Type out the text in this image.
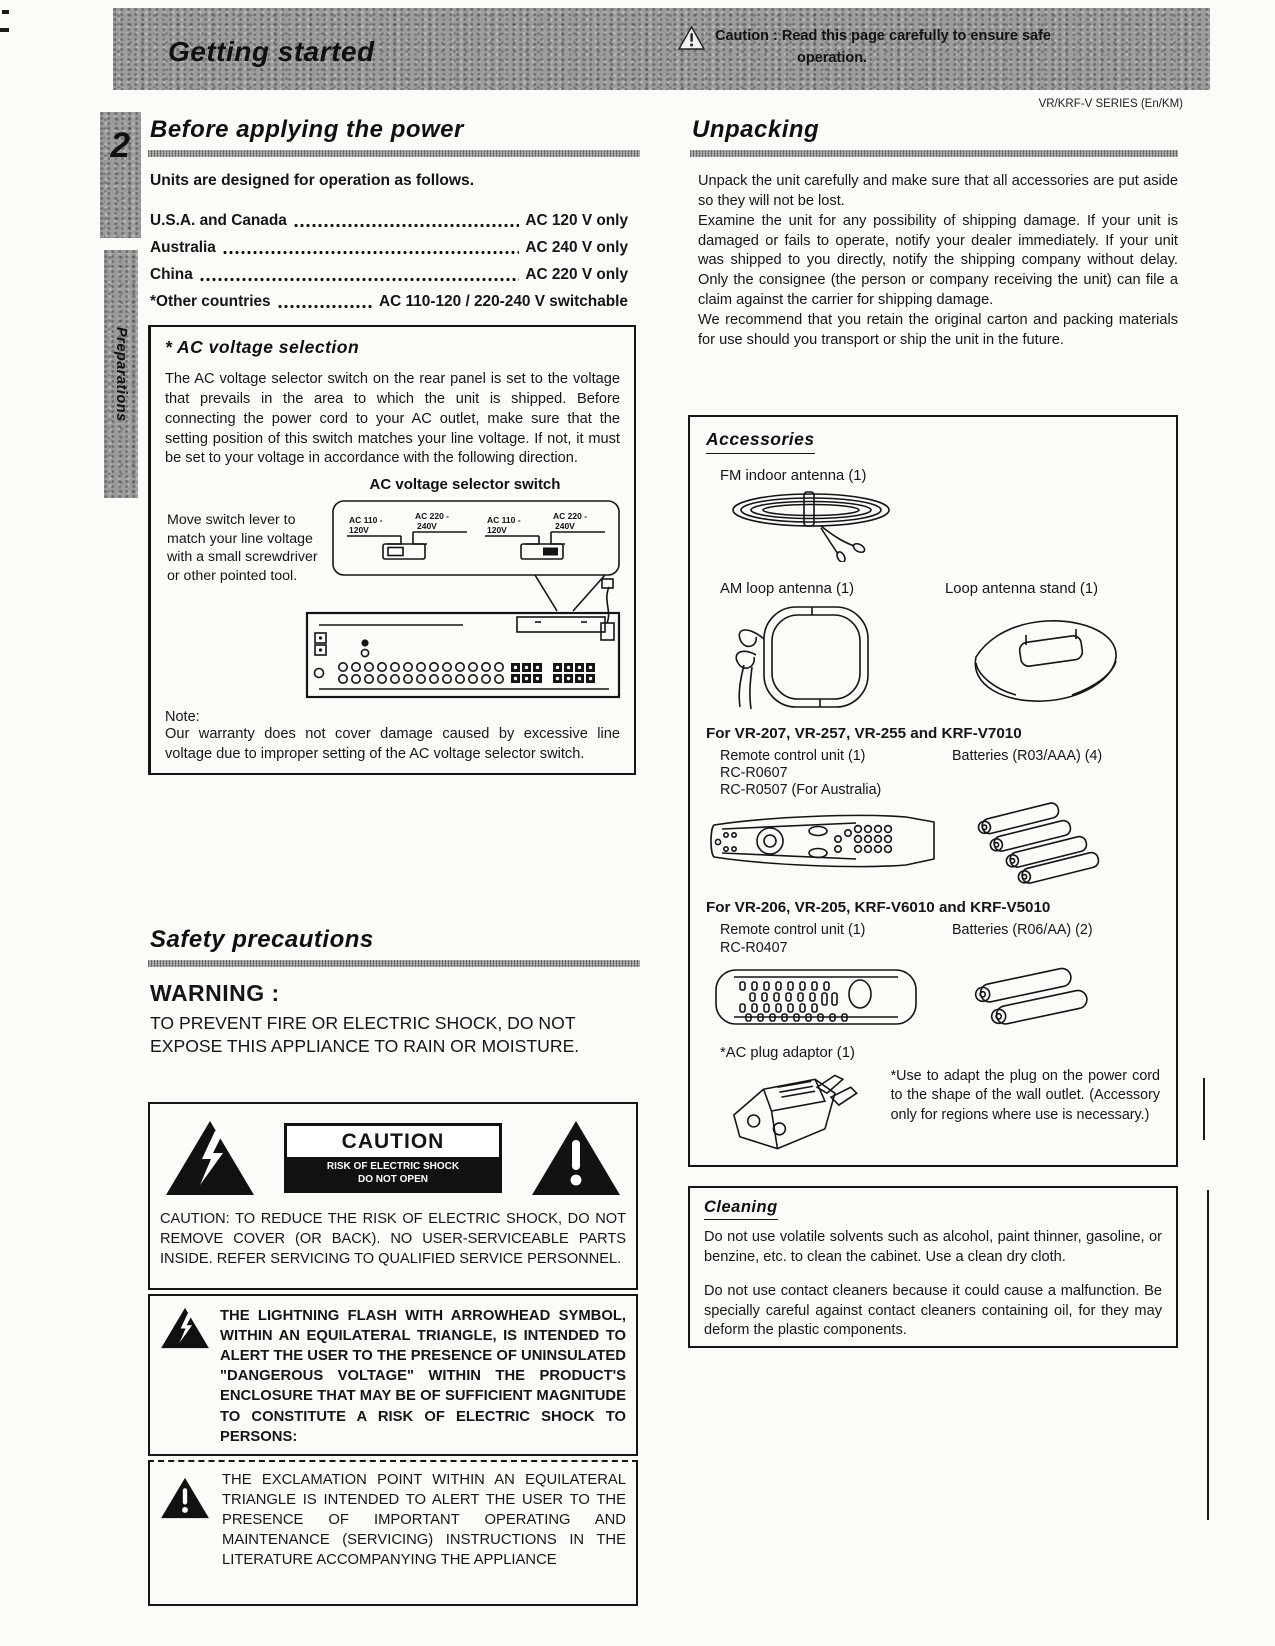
Getting started	Caution : Read this page carefully to ensure safe
operation.
VR/KRF-V SERIES (En/KM)
2
Preparations
Before applying the power
Units are designed for operation as follows.
U.S.A. and Canada	AC 120 V only
Australia	AC 240 V only
China	AC 220 V only
*Other countries	AC 110-120 / 220-240 V switchable
* AC voltage selection
The AC voltage selector switch on the rear panel is set to the voltage that prevails in the area to which the unit is shipped. Before connecting the power cord to your AC outlet, make sure that the setting position of this switch matches your line voltage. If not, it must be set to your voltage in accordance with the following direction.
Move switch lever to match your line voltage with a small screwdriver or other pointed tool.
AC voltage selector switch
AC 110 -
120V
AC 220 -
240V
AC 110 -
120V
AC 220 -
240V
Note:
Our warranty does not cover damage caused by excessive line voltage due to improper setting of the AC voltage selector switch.
Safety precautions
WARNING :
TO PREVENT FIRE OR ELECTRIC SHOCK, DO NOT EXPOSE THIS APPLIANCE TO RAIN OR MOISTURE.
CAUTION
RISK OF ELECTRIC SHOCK
DO NOT OPEN
CAUTION: TO REDUCE THE RISK OF ELECTRIC SHOCK, DO NOT REMOVE COVER (OR BACK). NO USER-SERVICEABLE PARTS INSIDE. REFER SERVICING TO QUALIFIED SERVICE PERSONNEL.
THE LIGHTNING FLASH WITH ARROWHEAD SYMBOL, WITHIN AN EQUILATERAL TRIANGLE, IS INTENDED TO ALERT THE USER TO THE PRESENCE OF UNINSULATED "DANGEROUS VOLTAGE" WITHIN THE PRODUCT'S ENCLOSURE THAT MAY BE OF SUFFICIENT MAGNITUDE TO CONSTITUTE A RISK OF ELECTRIC SHOCK TO PERSONS:
THE EXCLAMATION POINT WITHIN AN EQUILATERAL TRIANGLE IS INTENDED TO ALERT THE USER TO THE PRESENCE OF IMPORTANT OPERATING AND MAINTENANCE (SERVICING) INSTRUCTIONS IN THE LITERATURE ACCOMPANYING THE APPLIANCE
Unpacking
Unpack the unit carefully and make sure that all accessories are put aside so they will not be lost.
Examine the unit for any possibility of shipping damage. If your unit is damaged or fails to operate, notify your dealer immediately. If your unit was shipped to you directly, notify the shipping company without delay. Only the consignee (the person or company receiving the unit) can file a claim against the carrier for shipping damage.
We recommend that you retain the original carton and packing materials for use should you transport or ship the unit in the future.
Accessories
FM indoor antenna (1)
AM loop antenna (1)	Loop antenna stand (1)
For VR-207, VR-257, VR-255 and KRF-V7010
Remote control unit (1)
RC-R0607
RC-R0507 (For Australia)
Batteries (R03/AAA) (4)
For VR-206, VR-205, KRF-V6010 and KRF-V5010
Remote control unit (1)
RC-R0407
Batteries (R06/AA) (2)
*AC plug adaptor (1)
*Use to adapt the plug on the power cord to the shape of the wall outlet. (Accessory only for regions where use is necessary.)
Cleaning
Do not use volatile solvents such as alcohol, paint thinner, gasoline, or benzine, etc. to clean the cabinet. Use a clean dry cloth.
Do not use contact cleaners because it could cause a malfunction. Be specially careful against contact cleaners containing oil, for they may deform the plastic components.
